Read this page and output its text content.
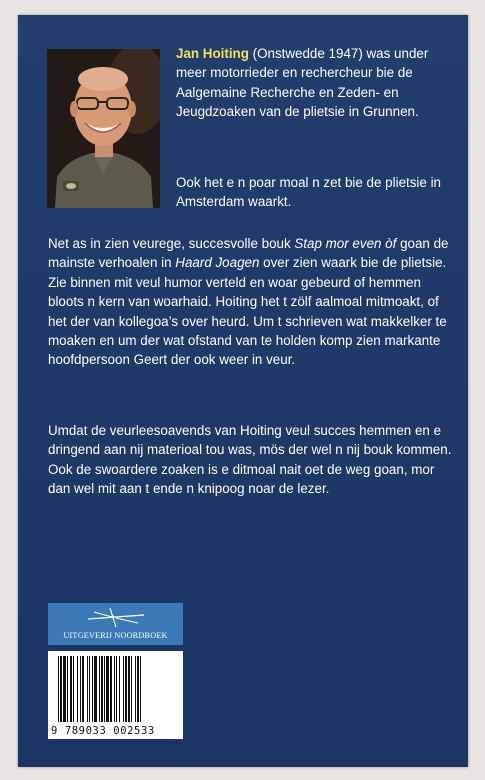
Jan Hoiting (Onstwedde 1947) was under meer motorrieder en rechercheur bie de Aalgemaine Recherche en Zeden- en Jeugdzoaken van de plietsie in Grunnen.

Ook het e n poar moal n zet bie de plietsie in Amsterdam waarkt.

Net as in zien veurege, succesvolle bouk Stap mor even òf goan de mainste verhoalen in Haard Joagen over zien waark bie de plietsie. Zie binnen mit veul humor verteld en woar gebeurd of hemmen bloots n kern van woarhaid. Hoiting het t zölf aalmoal mitmoakt, of het der van kollegoa’s over heurd. Um t schrieven wat makkelker te moaken en um der wat ofstand van te holden komp zien markante hoofdpersoon Geert der ook weer in veur.

Umdat de veurleesoavends van Hoiting veul succes hemmen en e dringend aan nij materioal tou was, mös der wel n nij bouk kommen. Ook de swoardere zoaken is e ditmoal nait oet de weg goan, mor dan wel mit aan t ende n knipoog noar de lezer.

UITGEVERIJ NOORDBOEK
9 789033 002533
